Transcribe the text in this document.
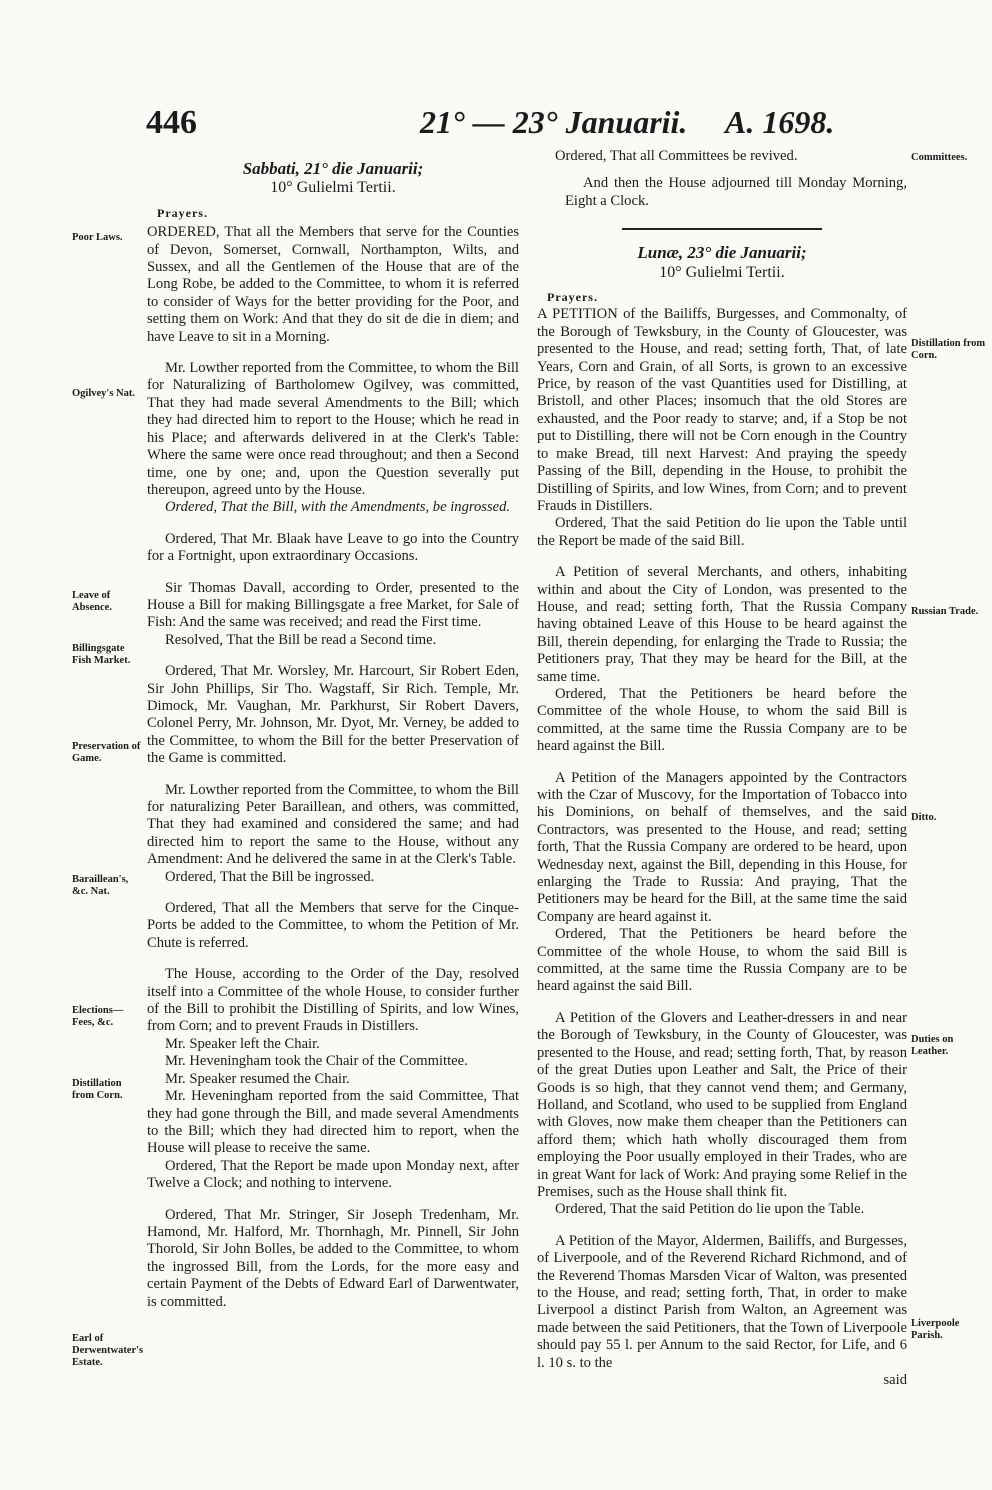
446	21° — 23° Januarii. A. 1698.
Sabbati, 21° die Januarii;
10° Gulielmi Tertii.
Prayers.

ORDERED, That all the Members that serve for the Counties of Devon, Somerset, Cornwall, Northampton, Wilts, and Sussex, and all the Gentlemen of the House that are of the Long Robe, be added to the Committee, to whom it is referred to consider of Ways for the better providing for the Poor, and setting them on Work: And that they do sit de die in diem; and have Leave to sit in a Morning.

Mr. Lowther reported from the Committee, to whom the Bill for Naturalizing of Bartholomew Ogilvey, was committed, That they had made several Amendments to the Bill; which they had directed him to report to the House; which he read in his Place; and afterwards delivered in at the Clerk's Table: Where the same were once read throughout; and then a Second time, one by one; and, upon the Question severally put thereupon, agreed unto by the House.

Ordered, That the Bill, with the Amendments, be ingrossed.

Ordered, That Mr. Blaak have Leave to go into the Country for a Fortnight, upon extraordinary Occasions.

Sir Thomas Davall, according to Order, presented to the House a Bill for making Billingsgate a free Market, for Sale of Fish: And the same was received; and read the First time.

Resolved, That the Bill be read a Second time.

Ordered, That Mr. Worsley, Mr. Harcourt, Sir Robert Eden, Sir John Phillips, Sir Tho. Wagstaff, Sir Rich. Temple, Mr. Dimock, Mr. Vaughan, Mr. Parkhurst, Sir Robert Davers, Colonel Perry, Mr. Johnson, Mr. Dyot, Mr. Verney, be added to the Committee, to whom the Bill for the better Preservation of the Game is committed.

Mr. Lowther reported from the Committee, to whom the Bill for naturalizing Peter Baraillean, and others, was committed, That they had examined and considered the same; and had directed him to report the same to the House, without any Amendment: And he delivered the same in at the Clerk's Table.

Ordered, That the Bill be ingrossed.

Ordered, That all the Members that serve for the Cinque-Ports be added to the Committee, to whom the Petition of Mr. Chute is referred.

The House, according to the Order of the Day, resolved itself into a Committee of the whole House, to consider further of the Bill to prohibit the Distilling of Spirits, and low Wines, from Corn; and to prevent Frauds in Distillers.

Mr. Speaker left the Chair.

Mr. Heveningham took the Chair of the Committee.

Mr. Speaker resumed the Chair.

Mr. Heveningham reported from the said Committee, That they had gone through the Bill, and made several Amendments to the Bill; which they had directed him to report, when the House will please to receive the same.

Ordered, That the Report be made upon Monday next, after Twelve a Clock; and nothing to intervene.

Ordered, That Mr. Stringer, Sir Joseph Tredenham, Mr. Hamond, Mr. Halford, Mr. Thornhagh, Mr. Pinnell, Sir John Thorold, Sir John Bolles, be added to the Committee, to whom the ingrossed Bill, from the Lords, for the more easy and certain Payment of the Debts of Edward Earl of Darwentwater, is committed.

Poor Laws.
Ogilvey's Nat.
Leave of Absence.
Billingsgate Fish Market.
Preservation of Game.
Baraillean's, &c. Nat.
Elections—Fees, &c.
Distillation from Corn.
Earl of Derwentwater's Estate.

Ordered, That all Committees be revived.

And then the House adjourned till Monday Morning, Eight a Clock.

Lunæ, 23° die Januarii;
10° Gulielmi Tertii.
Prayers.

A PETITION of the Bailiffs, Burgesses, and Commonalty, of the Borough of Tewksbury, in the County of Gloucester, was presented to the House, and read; setting forth, That, of late Years, Corn and Grain, of all Sorts, is grown to an excessive Price, by reason of the vast Quantities used for Distilling, at Bristoll, and other Places; insomuch that the old Stores are exhausted, and the Poor ready to starve; and, if a Stop be not put to Distilling, there will not be Corn enough in the Country to make Bread, till next Harvest: And praying the speedy Passing of the Bill, depending in the House, to prohibit the Distilling of Spirits, and low Wines, from Corn; and to prevent Frauds in Distillers.

Ordered, That the said Petition do lie upon the Table until the Report be made of the said Bill.

A Petition of several Merchants, and others, inhabiting within and about the City of London, was presented to the House, and read; setting forth, That the Russia Company having obtained Leave of this House to be heard against the Bill, therein depending, for enlarging the Trade to Russia; the Petitioners pray, That they may be heard for the Bill, at the same time.

Ordered, That the Petitioners be heard before the Committee of the whole House, to whom the said Bill is committed, at the same time the Russia Company are to be heard against the Bill.

A Petition of the Managers appointed by the Contractors with the Czar of Muscovy, for the Importation of Tobacco into his Dominions, on behalf of themselves, and the said Contractors, was presented to the House, and read; setting forth, That the Russia Company are ordered to be heard, upon Wednesday next, against the Bill, depending in this House, for enlarging the Trade to Russia: And praying, That the Petitioners may be heard for the Bill, at the same time the said Company are heard against it.

Ordered, That the Petitioners be heard before the Committee of the whole House, to whom the said Bill is committed, at the same time the Russia Company are to be heard against the said Bill.

A Petition of the Glovers and Leather-dressers in and near the Borough of Tewksbury, in the County of Gloucester, was presented to the House, and read; setting forth, That, by reason of the great Duties upon Leather and Salt, the Price of their Goods is so high, that they cannot vend them; and Germany, Holland, and Scotland, who used to be supplied from England with Gloves, now make them cheaper than the Petitioners can afford them; which hath wholly discouraged them from employing the Poor usually employed in their Trades, who are in great Want for lack of Work: And praying some Relief in the Premises, such as the House shall think fit.

Ordered, That the said Petition do lie upon the Table.

A Petition of the Mayor, Aldermen, Bailiffs, and Burgesses, of Liverpoole, and of the Reverend Richard Richmond, and of the Reverend Thomas Marsden Vicar of Walton, was presented to the House, and read; setting forth, That, in order to make Liverpool a distinct Parish from Walton, an Agreement was made between the said Petitioners, that the Town of Liverpoole should pay 55 l. per Annum to the said Rector, for Life, and 6 l. 10 s. to the

said

Committees.
Distillation from Corn.
Russian Trade.
Ditto.
Duties on Leather.
Liverpoole Parish.
